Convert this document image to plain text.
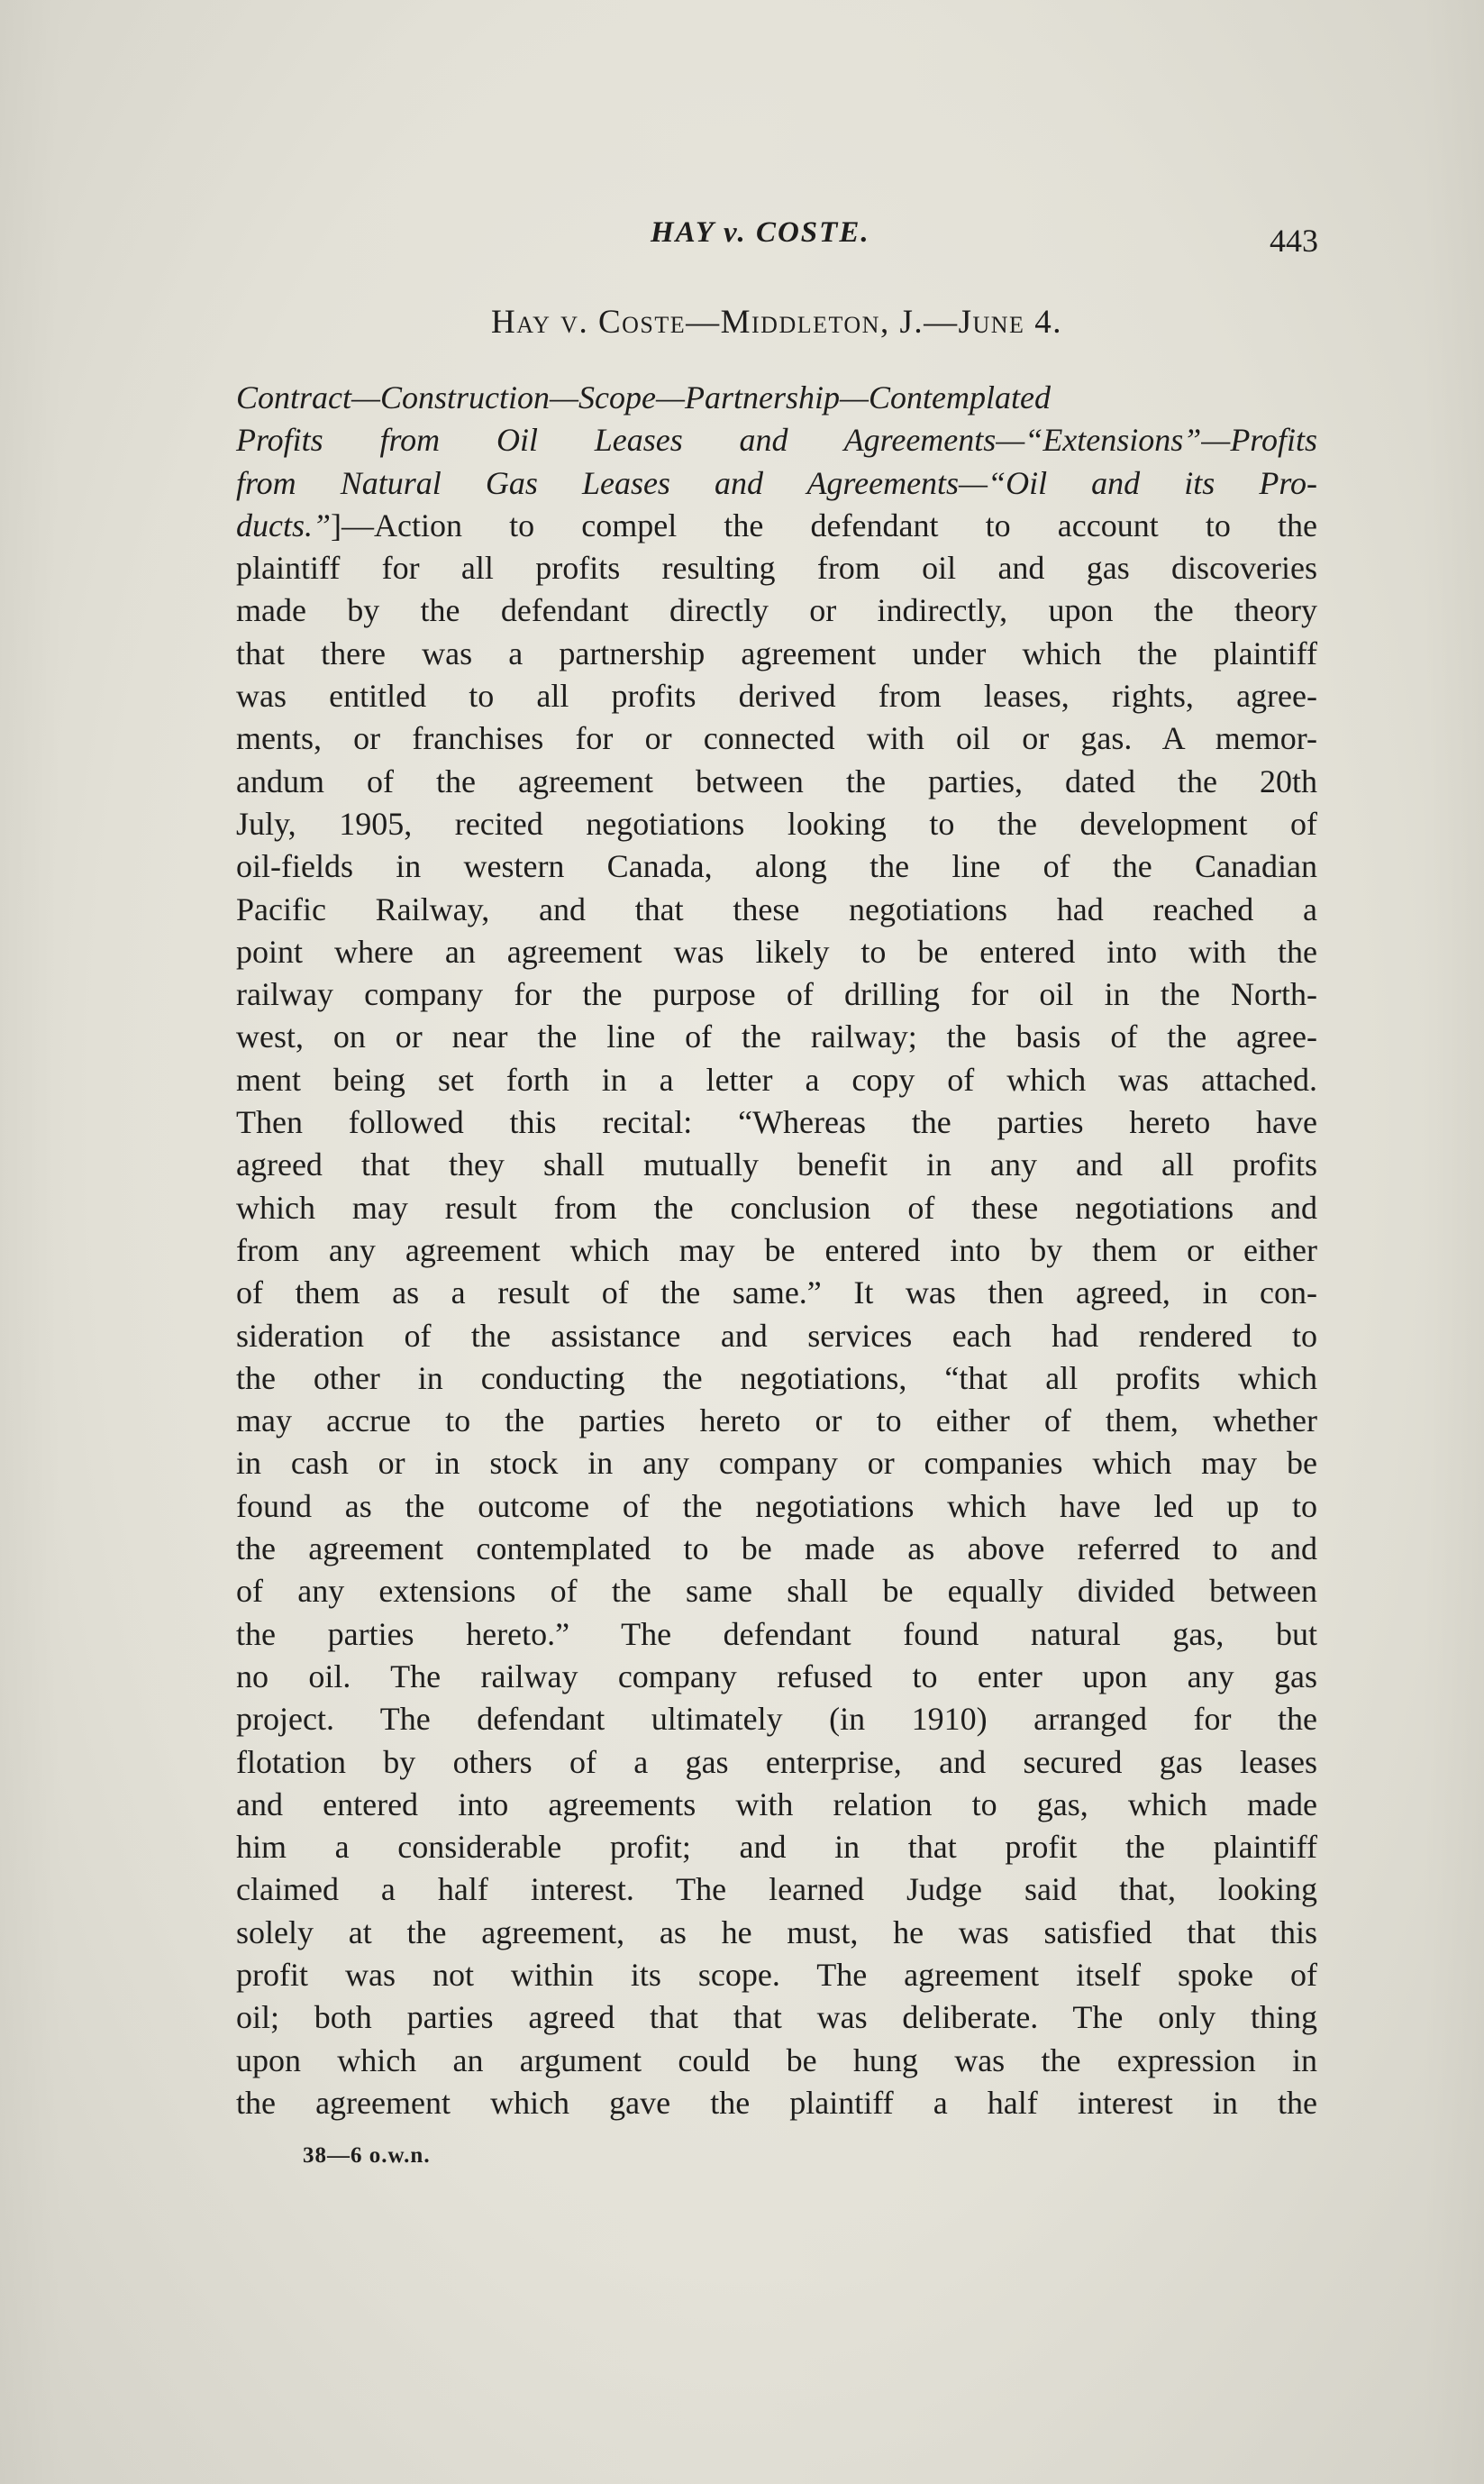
HAY v. COSTE.	443
Hay v. Coste—Middleton, J.—June 4.
Contract—Construction—Scope—Partnership—Contemplated
Profits from Oil Leases and Agreements—“Extensions”—Profits
from Natural Gas Leases and Agreements—“Oil and its Pro-
ducts.”]—Action to compel the defendant to account to the
plaintiff for all profits resulting from oil and gas discoveries
made by the defendant directly or indirectly, upon the theory
that there was a partnership agreement under which the plaintiff
was entitled to all profits derived from leases, rights, agree-
ments, or franchises for or connected with oil or gas. A memor-
andum of the agreement between the parties, dated the 20th
July, 1905, recited negotiations looking to the development of
oil-fields in western Canada, along the line of the Canadian
Pacific Railway, and that these negotiations had reached a
point where an agreement was likely to be entered into with the
railway company for the purpose of drilling for oil in the North-
west, on or near the line of the railway; the basis of the agree-
ment being set forth in a letter a copy of which was attached.
Then followed this recital: “Whereas the parties hereto have
agreed that they shall mutually benefit in any and all profits
which may result from the conclusion of these negotiations and
from any agreement which may be entered into by them or either
of them as a result of the same.” It was then agreed, in con-
sideration of the assistance and services each had rendered to
the other in conducting the negotiations, “that all profits which
may accrue to the parties hereto or to either of them, whether
in cash or in stock in any company or companies which may be
found as the outcome of the negotiations which have led up to
the agreement contemplated to be made as above referred to and
of any extensions of the same shall be equally divided between
the parties hereto.” The defendant found natural gas, but
no oil. The railway company refused to enter upon any gas
project. The defendant ultimately (in 1910) arranged for the
flotation by others of a gas enterprise, and secured gas leases
and entered into agreements with relation to gas, which made
him a considerable profit; and in that profit the plaintiff
claimed a half interest. The learned Judge said that, looking
solely at the agreement, as he must, he was satisfied that this
profit was not within its scope. The agreement itself spoke of
oil; both parties agreed that that was deliberate. The only thing
upon which an argument could be hung was the expression in
the agreement which gave the plaintiff a half interest in the
38—6 o.w.n.
